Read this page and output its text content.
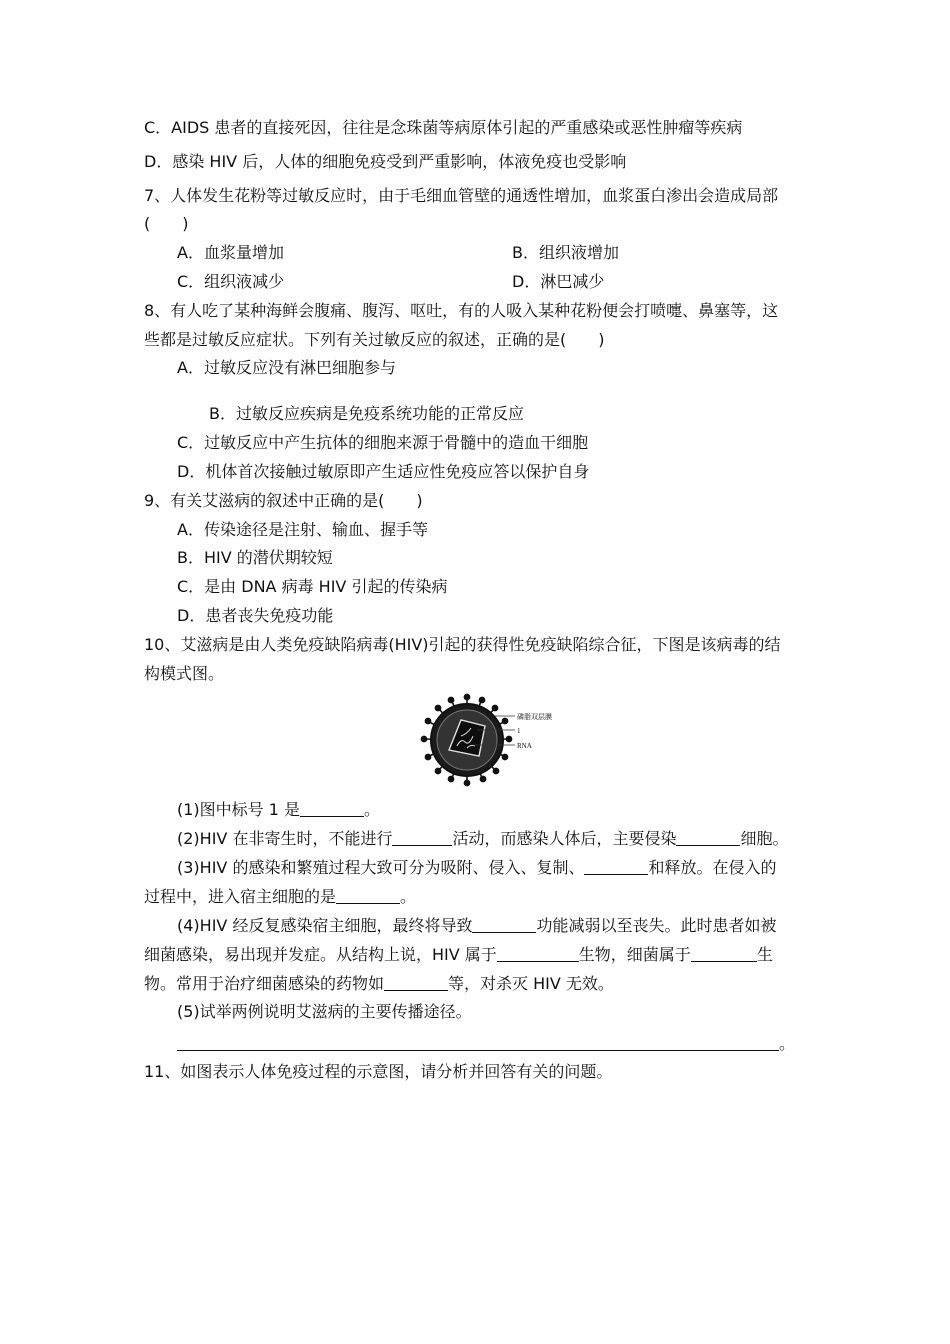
C．AIDS 患者的直接死因，往往是念珠菌等病原体引起的严重感染或恶性肿瘤等疾病
D．感染 HIV 后，人体的细胞免疫受到严重影响，体液免疫也受影响
7、人体发生花粉等过敏反应时，由于毛细血管壁的通透性增加，血浆蛋白渗出会造成局部
(　　)
A．血浆量增加	B．组织液增加
C．组织液减少	D．淋巴减少
8、有人吃了某种海鲜会腹痛、腹泻、呕吐，有的人吸入某种花粉便会打喷嚏、鼻塞等，这
些都是过敏反应症状。下列有关过敏反应的叙述，正确的是(　　)
A．过敏反应没有淋巴细胞参与
B．过敏反应疾病是免疫系统功能的正常反应
C．过敏反应中产生抗体的细胞来源于骨髓中的造血干细胞
D．机体首次接触过敏原即产生适应性免疫应答以保护自身
9、有关艾滋病的叙述中正确的是(　　)
A．传染途径是注射、输血、握手等
B．HIV 的潜伏期较短
C．是由 DNA 病毒 HIV 引起的传染病
D．患者丧失免疫功能
10、艾滋病是由人类免疫缺陷病毒(HIV)引起的获得性免疫缺陷综合征，下图是该病毒的结
构模式图。
磷脂双层膜
1
RNA
(1)图中标号 1 是	。
(2)HIV 在非寄生时，不能进行	活动，而感染人体后，主要侵染	细胞。
(3)HIV 的感染和繁殖过程大致可分为吸附、侵入、复制、	和释放。在侵入的
过程中，进入宿主细胞的是	。
(4)HIV 经反复感染宿主细胞，最终将导致	功能减弱以至丧失。此时患者如被
细菌感染，易出现并发症。从结构上说，HIV 属于	生物，细菌属于	生
物。常用于治疗细菌感染的药物如	等，对杀灭 HIV 无效。
(5)试举两例说明艾滋病的主要传播途径。
。
11、如图表示人体免疫过程的示意图，请分析并回答有关的问题。
